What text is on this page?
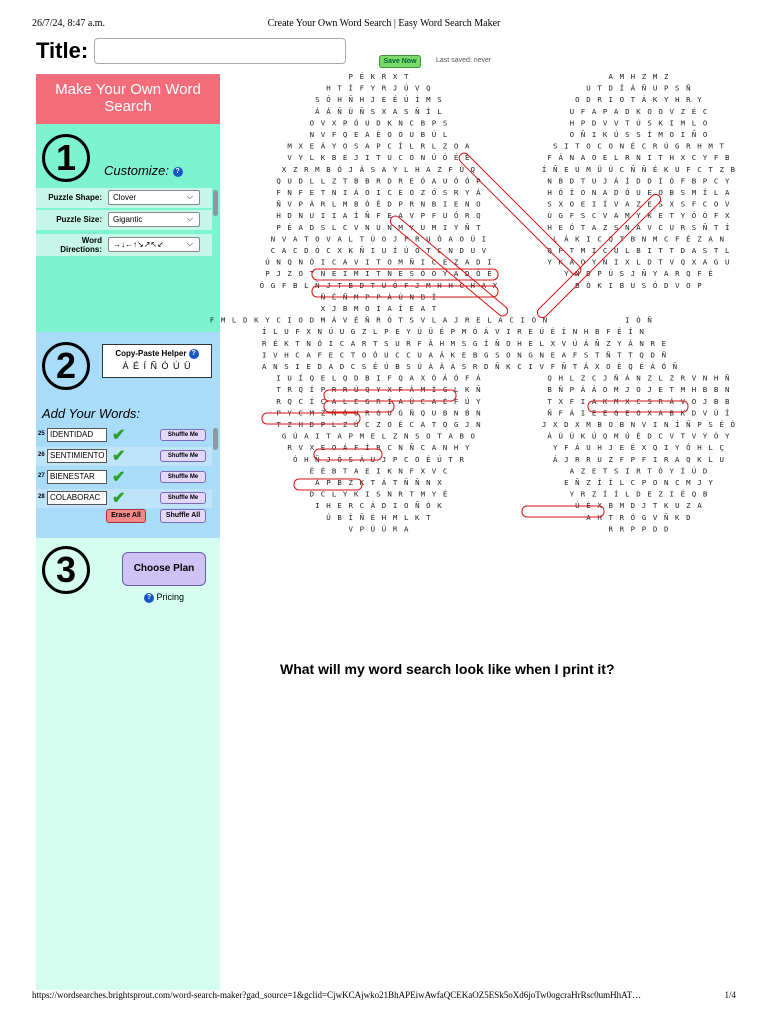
26/7/24, 8:47 a.m.	Create Your Own Word Search | Easy Word Search Maker
Title:	Save Now	Last saved: never
Make Your Own Word Search
1	Customize: ?
Puzzle Shape:	Clover	⌵
Puzzle Size:	Gigantic	⌵
Word Directions:
→↓←↑↘↗↖↙	⌵
2	Copy-Paste Helper ?
Á É Í Ñ Ó Ú Ü
Add Your Words:
25 IDENTIDAD	✔	Shuffle Me
26 SENTIMIENTO ✔	Shuffle Me
27 BIENESTAR	✔	Shuffle Me
28 COLABORAC ✔	Shuffle Me
Erase All	Shuffle All
3	Choose Plan
? Pricing
P É K R X T	A M H Z M Z
H T Í F Y R J Ú V Q	U T D Í Á Ñ U P S Ñ
S Ó H Ñ H J E É Ú Í M S	O D R I O T Á K Y H R Y
Á Á Ñ Ú Ñ S X A S Ñ Í L	U F A P A D K O O V Z É C
O V X P Ó U D K N C B P S	H P D V V T Ú S K I M L O
N V F Q E A É O O U B Ú L	O Ñ I K Ú S S Í M O I Ñ O
M X E Á Y O S A P C Í L R L Z O A	S I T O C O N É C R Ú G R H M T
V Y L K B E J I T U C O N Ú Ó É É	F Á N A O E L R N I T H X C Y F B
X Z R M B Ó J Á S A Y L H A Z F Ú Q	Í Ñ E U M Ü Ú C Ñ Ñ É K U F C T Z B
Q U D L L Z T B B R D R E Ó A U Ó Ó P	N B D T U J Á Í D D Í Ó F B P C Y
F N F E T N I Á O I C E O Z Ó S R Y Á	H Ó Í O N A D Ó U E O B S M Í L A
Ñ V P Á R L M B Ó É D P R N B I E N O	S X O E I Í V A Z E S X S F C O V
H D N U I I A Í Ñ F E A V P F U Ó R Q	Ú G F S C V A M Y K E T Y Ó Ó F X
P É A D S L C V N U N M Y U M I Y Ñ T	H E Ó T A Z S N A V C U R S Ñ T Í
N V A T O V A L T Ú O J F R U Ó A O Ú I	L Á K I C Q T B N M C F É Z A N
C A C D Ó C X K Ñ I U Í Ú O T C N D U V	Q P T M I C U L B I T T D A S T L
Ú N Q N Ó I C A V I T O M Ñ I C E Z A D I	Y K A O Y N I X L D T V Q X A G U
P J Z O T N E I M I T N E S Ó O Y A D Ó É	Y N D P Ú S J Ñ Y A R Q F É
Ó G F B L Ñ J T B D T U Ó F J M H H C H A X	B Ó K I B U S Ó D V O P
Ñ É Ñ M P P Á Ú N B Í
X J B M O I A Í E A T
F M L D K Y C I O D M Á V É Ñ R Ó T S V L A J R E L A C I Ó N	I Ó Ñ
Í L U F X N Ú U G Z L P E Y Ú Ü É P M Ó Á V I R E Ú É Í N H B F É Í N
R É K T N Ó I C A R T S U R F Á H M S G Í Ñ O H E L X V Ú Á Ñ Z Y Á N R E
I V H C A F E C T O Ó U C C U A Á K E B G S O N G N E A F S T Ñ T T Q D Ñ
A N S I E D A D C S É Ú B S Ú Á Á Á S R D Ñ K C I V F Ñ T Á X O É Q É Á Ó Ñ
I U Í Q E L Q D B I F Q A X Ó Á Ó F Á	Q H L Z C J Ñ Á N Z L Z R V N H Ñ
T R Q Í P R R Ú Q Y X F Á M Í G L K Ñ	B Ñ P Á Á O M J O J E T M H B B N
R Q C Í C A L E G R Í A Ú C A É F Ú Y	T X F I A K M X C S R Á V O J B B
P Y C M Z Ñ Ó U R G U G Ñ Q U B N B N	Ñ F Á I E E G E O X A B K D V Ú Í
T Z H D P L Z Ú C Z O É C A T Q G J N	J X D X M B O B N V I N Í Ñ P S É Ó
G Ú A I T A P M E L Z N S O T A B O	Á Ú Ú K Ú Q M Ú É D C V T V Y Ó Y
R V X E O Á F Í R C N Ñ C A N H Y	Y F Á U H J E É X Q I Y Ó H L Ç
Ó H Ñ J Ó S Á U J P C O É Ú T R	Á J R R U Z F P F I R A Q K L U
É É B T A E I K N F X V C	A Z E T S I R T Ó Y Í Ú D
Á P B Z K T Á T Ñ Ñ N X	E Ñ Z Í Í L C P O N C M J Y
D C L Y K I S N R T M Y É	Y R Z Í Í L D E Z I É Q B
I H E R C Á D I O Ñ Ó K	Ú É X B M D J T K U Z A
Ú B Í Ñ É H M L K T	A H T R Ó G V Ñ K D
V P Ú Ú R A	R R P P D D
What will my word search look like when I print it?
https://wordsearches.brightsprout.com/word-search-maker?gad_source=1&gclid=CjwKCAjwko21BhAPEiwAwfaQCEKaOZ5ESk5oXd6joTw0ogcraHrRsc0umHhAT…	1/4
